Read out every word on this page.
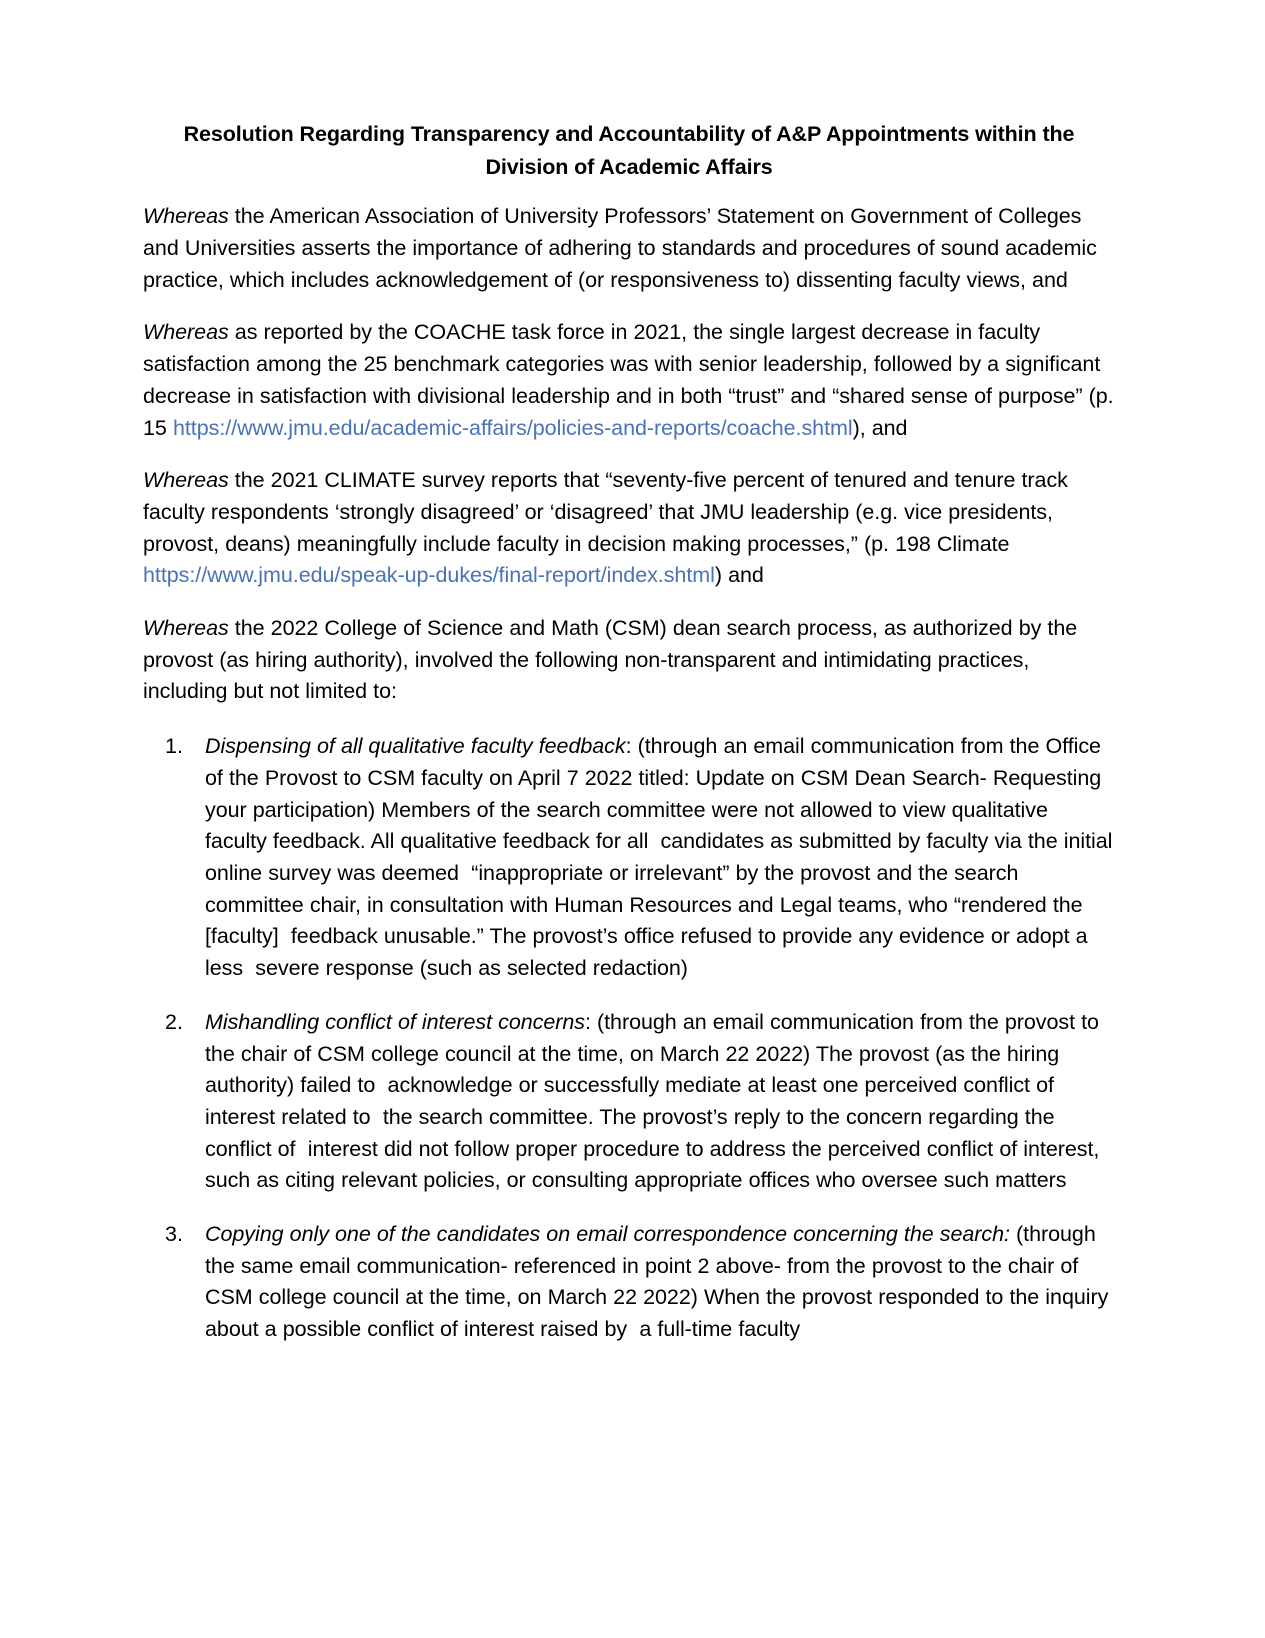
Resolution Regarding Transparency and Accountability of A&P Appointments within the Division of Academic Affairs

Whereas the American Association of University Professors’ Statement on Government of Colleges and Universities asserts the importance of adhering to standards and procedures of sound academic practice, which includes acknowledgement of (or responsiveness to) dissenting faculty views, and

Whereas as reported by the COACHE task force in 2021, the single largest decrease in faculty satisfaction among the 25 benchmark categories was with senior leadership, followed by a significant decrease in satisfaction with divisional leadership and in both “trust” and “shared sense of purpose” (p. 15 https://www.jmu.edu/academic-affairs/policies-and-reports/coache.shtml), and

Whereas the 2021 CLIMATE survey reports that “seventy-five percent of tenured and tenure track faculty respondents ‘strongly disagreed’ or ‘disagreed’ that JMU leadership (e.g. vice presidents, provost, deans) meaningfully include faculty in decision making processes,” (p. 198 Climate https://www.jmu.edu/speak-up-dukes/final-report/index.shtml) and

Whereas the 2022 College of Science and Math (CSM) dean search process, as authorized by the provost (as hiring authority), involved the following non-transparent and intimidating practices, including but not limited to:

1. Dispensing of all qualitative faculty feedback: (through an email communication from the Office of the Provost to CSM faculty on April 7 2022 titled: Update on CSM Dean Search- Requesting your participation) Members of the search committee were not allowed to view qualitative faculty feedback. All qualitative feedback for all  candidates as submitted by faculty via the initial online survey was deemed  “inappropriate or irrelevant” by the provost and the search committee chair, in consultation with Human Resources and Legal teams, who “rendered the [faculty]  feedback unusable.” The provost’s office refused to provide any evidence or adopt a less  severe response (such as selected redaction)
2. Mishandling conflict of interest concerns: (through an email communication from the provost to the chair of CSM college council at the time, on March 22 2022) The provost (as the hiring authority) failed to  acknowledge or successfully mediate at least one perceived conflict of interest related to  the search committee. The provost’s reply to the concern regarding the conflict of  interest did not follow proper procedure to address the perceived conflict of interest,  such as citing relevant policies, or consulting appropriate offices who oversee such matters
3. Copying only one of the candidates on email correspondence concerning the search: (through the same email communication- referenced in point 2 above- from the provost to the chair of CSM college council at the time, on March 22 2022) When the provost responded to the inquiry about a possible conflict of interest raised by  a full-time faculty
